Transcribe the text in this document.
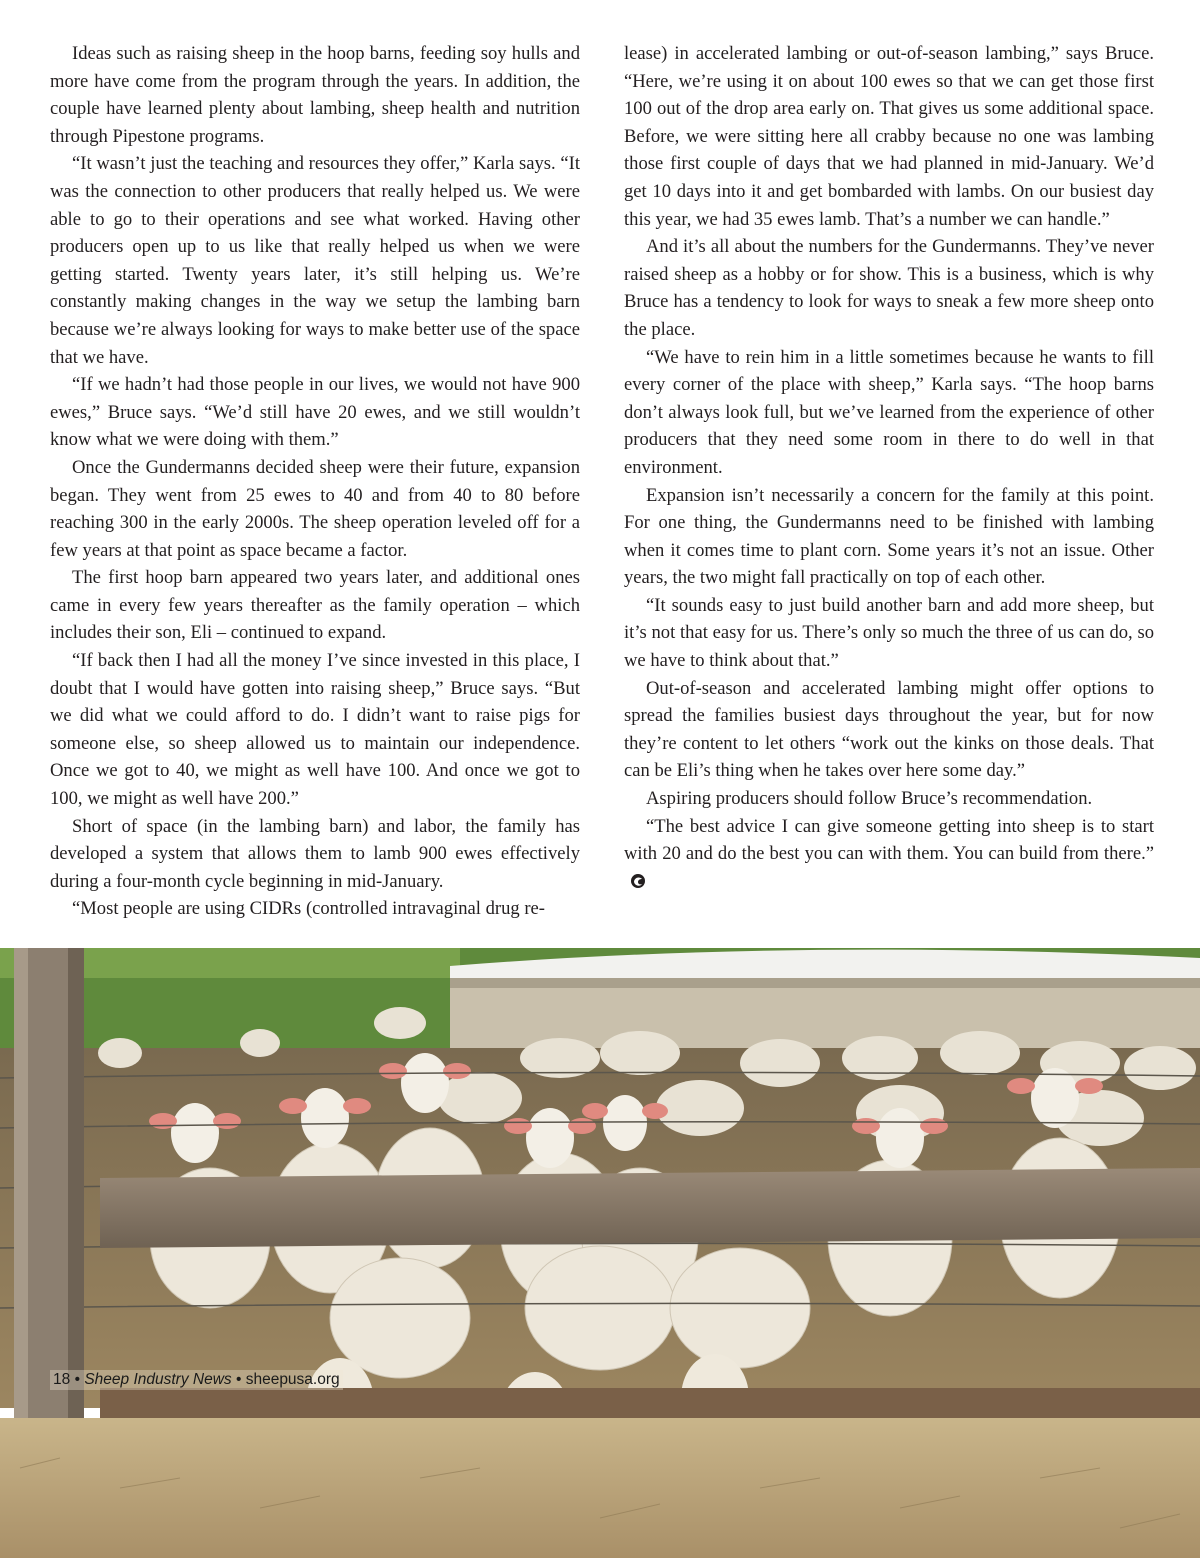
Ideas such as raising sheep in the hoop barns, feeding soy hulls and more have come from the program through the years. In addition, the couple have learned plenty about lambing, sheep health and nutrition through Pipestone programs.

“It wasn’t just the teaching and resources they offer,” Karla says. “It was the connection to other producers that really helped us. We were able to go to their operations and see what worked. Having other producers open up to us like that really helped us when we were getting started. Twenty years later, it’s still helping us. We’re constantly making changes in the way we setup the lambing barn because we’re always looking for ways to make better use of the space that we have.

“If we hadn’t had those people in our lives, we would not have 900 ewes,” Bruce says. “We’d still have 20 ewes, and we still wouldn’t know what we were doing with them.”

Once the Gundermanns decided sheep were their future, expansion began. They went from 25 ewes to 40 and from 40 to 80 before reaching 300 in the early 2000s. The sheep operation leveled off for a few years at that point as space became a factor.

The first hoop barn appeared two years later, and additional ones came in every few years thereafter as the family operation – which includes their son, Eli – continued to expand.

“If back then I had all the money I’ve since invested in this place, I doubt that I would have gotten into raising sheep,” Bruce says. “But we did what we could afford to do. I didn’t want to raise pigs for someone else, so sheep allowed us to maintain our independence. Once we got to 40, we might as well have 100. And once we got to 100, we might as well have 200.”

Short of space (in the lambing barn) and labor, the family has developed a system that allows them to lamb 900 ewes effectively during a four-month cycle beginning in mid-January.

“Most people are using CIDRs (controlled intravaginal drug re-

lease) in accelerated lambing or out-of-season lambing,” says Bruce. “Here, we’re using it on about 100 ewes so that we can get those first 100 out of the drop area early on. That gives us some additional space. Before, we were sitting here all crabby because no one was lambing those first couple of days that we had planned in mid-January. We’d get 10 days into it and get bombarded with lambs. On our busiest day this year, we had 35 ewes lamb. That’s a number we can handle.”

And it’s all about the numbers for the Gundermanns. They’ve never raised sheep as a hobby or for show. This is a business, which is why Bruce has a tendency to look for ways to sneak a few more sheep onto the place.

“We have to rein him in a little sometimes because he wants to fill every corner of the place with sheep,” Karla says. “The hoop barns don’t always look full, but we’ve learned from the experience of other producers that they need some room in there to do well in that environment.

Expansion isn’t necessarily a concern for the family at this point. For one thing, the Gundermanns need to be finished with lambing when it comes time to plant corn. Some years it’s not an issue. Other years, the two might fall practically on top of each other.

“It sounds easy to just build another barn and add more sheep, but it’s not that easy for us. There’s only so much the three of us can do, so we have to think about that.”

Out-of-season and accelerated lambing might offer options to spread the families busiest days throughout the year, but for now they’re content to let others “work out the kinks on those deals. That can be Eli’s thing when he takes over here some day.”

Aspiring producers should follow Bruce’s recommendation.

“The best advice I can give someone getting into sheep is to start with 20 and do the best you can with them. You can build from there.”

18 • Sheep Industry News • sheepusa.org
